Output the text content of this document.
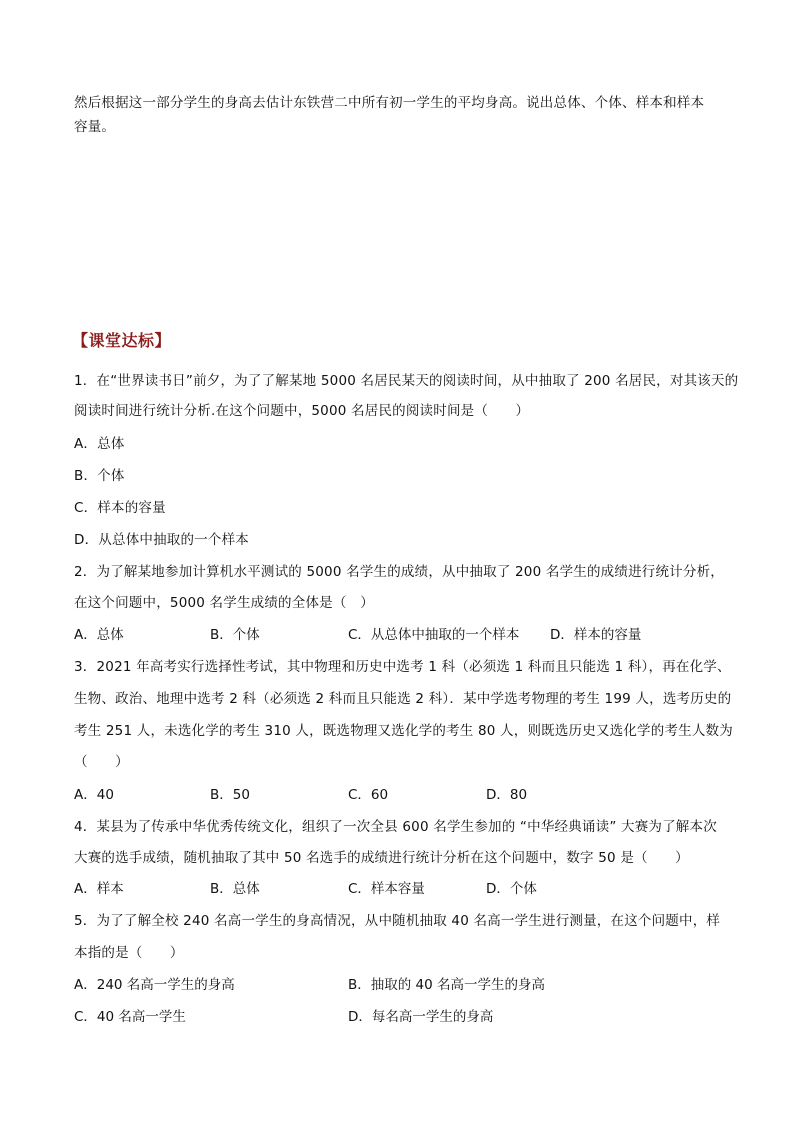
然后根据这一部分学生的身高去估计东铁营二中所有初一学生的平均身高。说出总体、个体、样本和样本
容量。
【课堂达标】
1．在“世界读书日”前夕，为了了解某地 5000 名居民某天的阅读时间，从中抽取了 200 名居民，对其该天的
阅读时间进行统计分析.在这个问题中，5000 名居民的阅读时间是（　　）
A．总体
B．个体
C．样本的容量
D．从总体中抽取的一个样本
2．为了解某地参加计算机水平测试的 5000 名学生的成绩，从中抽取了 200 名学生的成绩进行统计分析，
在这个问题中，5000 名学生成绩的全体是（　）
A．总体	B．个体	C．从总体中抽取的一个样本 D．样本的容量
3．2021 年高考实行选择性考试，其中物理和历史中选考 1 科（必须选 1 科而且只能选 1 科），再在化学、
生物、政治、地理中选考 2 科（必须选 2 科而且只能选 2 科）．某中学选考物理的考生 199 人，选考历史的
考生 251 人，未选化学的考生 310 人，既选物理又选化学的考生 80 人，则既选历史又选化学的考生人数为
（　　）
A．40	B．50	C．60	D．80
4．某县为了传承中华优秀传统文化，组织了一次全县 600 名学生参加的 “中华经典诵读” 大赛为了解本次
大赛的选手成绩，随机抽取了其中 50 名选手的成绩进行统计分析在这个问题中，数字 50 是（　　）
A．样本	B．总体	C．样本容量	D．个体
5．为了了解全校 240 名高一学生的身高情况，从中随机抽取 40 名高一学生进行测量，在这个问题中，样
本指的是（　　）
A．240 名高一学生的身高	B．抽取的 40 名高一学生的身高
C．40 名高一学生	D．每名高一学生的身高
